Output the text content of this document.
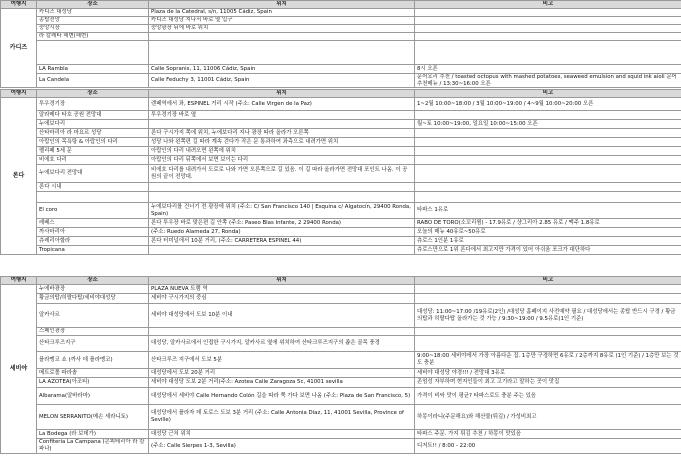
여행지	장소	위치	비고
카디즈	카디즈 대성당	Plaza de la Catedral, s/n, 11005 Cádiz, Spain	
	종탑전망	카디즈 대성당 지나서 바로 옆 입구	
	중앙시장	중앙광장 뒤에 바로 위치	
	라 칼레타 해변(해변)		

	LA Rambla	Calle Sopranis, 11, 11006 Cádiz, Spain	8시 오픈
	La Candela	Calle Feduchy 3, 11001 Cádiz, Spain	문어요리 추천 / toasted octopus with mashed potatoes, seaweed emulsion and squid ink aioli 문어 추천메뉴 / 13:30~16:00 오픈
여행지	장소	위치	비고
론다	투우경기장	렌페역에서 좌, ESPINEL 거리 시작 (주소: Calle Virgen de la Paz)	1~2월 10:00~18:00 / 3월 10:00~19:00 / 4~9월 10:00~20:00 오픈
	알라메다 타호 공원 전망대	투우경기장 바로 옆	
	누에보다리		월~토 10:00~19:00, 일요일 10:00~15:00 오픈
	산타마리아 라 마요르 성당	론다 구시가지 쪽에 위치, 누에보다리 지나 광장 따라 올라가 오른쪽	
	아랍인의 목욕탕 & 아랍인의 다리	성당 나와 왼쪽편 길 따라 계속 걷다가 작은 문 통과하여 좌측으로 내려가면 위치	
	펠리페 5세 문	아랍인의 다리 내려오면 왼쪽에 위치	
	비에호 다리	아랍인의 다리 뒤쪽에서 보면 보이는 다리	
	누에보다리 전망대	비에호 다리를 내려가서 도로로 나와 가면 오른쪽으로 길 있음. 이 길 따라 올라가면 전망대 포인트 나옴. 이 공원의 끝이 전망대.	
	론다 시내		

	El coro	누에보다리를 건너기 전 광장에 위치 (주소: C/ San Francisco 140 | Esquina c/ Algatocín, 29400 Ronda, Spain)	타파스 1유로
	레베스	론다 투우장 바로 맞은편 길 안쪽 (주소: Paseo Blas Infante, 2 29400 Ronda)	RABO DE TORO(소꼬리찜) - 17.9유로 / 샹그리아 2.85 유로 / 맥주 1.8유로
	까사마리아	(주소: Ruedo Alameda 27, Ronda)	오늘의 메뉴 40유로~50유로
	츄레리아할라	론다 터미널에서 10분 거리, (주소: CARRETERA ESPINEL 44)	츄로스 1인분 1유로
	Tropicana		츄로스만으로 1위 론다에서 최고지만 가격이 있어 아쉬움 포크가 대단하다
여행지	장소	위치	비고
세비야	누에바광장	PLAZA NUEVA 트램 역	
	황금의탑/히랄다탑/세비야대성당	세비야 구시가지의 중심	
	알카사르	세비야 대성당에서 도보 10분 이내	대성당: 11:00~17:00 /19유로(2인) /대성당 홈페이지 사전예약 필요 / 대성당에서는 종탑 반드시 구경 / 황금의탑과 히랄다탑 올라가는 것 가능 / 9:30~19:00 / 9.5유로(1인 기준)
	스페인광장		
	산타크루즈지구	대성당, 알카사르에서 인접한 구시가지, 알카사르 옆에 위치하여 산타크루즈지구의 좁은 골목 풍경	
	플라멩코 쇼 (까사 데 플라멩코)	산타크루즈 지구에서 도보 5분	9:00~18:00 세비야에서 가장 아름다운 집. 1층만 구경하면 6유로 / 2층까지 8유로 (1인 기준) / 1층만 보는 것도 충분
	메트로폴 파라솔	대성당에서 도보 20분 거리	세비야 대성당 야경!!! / 전망대 3유로
	LA AZOTEA(아조티)	세비야 대성당 도보 2분 거리(주소: Azotea Calle Zaragoza 5c, 41001 sevilla	존엄성 자부하며 현지인들이 최고 고기라고 말하는 곳이 맛집
	Albarama(알바라마)	대성당에서 세비야 Calle Hernando Colón 길을 따라 쭉 가다 보면 나옴 (주소: Plaza de San Francisco, 5)	가격이 비싸 맛이 평균? 타파스로도 충분 주는 있음
	MELON SERRANITO(메손 세라니토)	대성당에서 플라자 데 토로스 도보 3분 거리 (주소: Calle Antonia Díaz, 11, 41001 Sevilla, Province of Seville)	하몽이라니(주문해요)와 해산물(튀김) / 가성비최고
	La Bodega (라 보데가)	대성당 근처 위치	타파스 주문. 가지 튀김 추천 / 하몽이 맛있음
	Confiteria La Campana (콘피테리아 라 캄파나)	(주소: Calle Sierpes 1-3, Sevilla)	디저트!! / 8:00 - 22:00
